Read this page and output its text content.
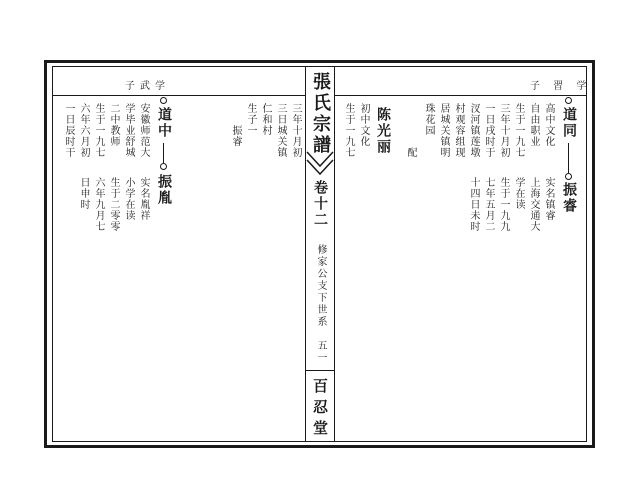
子武学	子 習 学
張氏宗譜
卷十二
修家公支下世系　五一
百忍堂
三年十月初
三日城关镇
仁和村
生子一
振睿
道中
振胤
安徽师范大
学毕业舒城
二中教师
生于一九七
六年六月初
一日辰时干
实名胤祥
小学在读
生于二零零
六年九月七
日申时
道同
振睿
高中文化
自由职业
生于一九七
三年十月初
一日戌时于
汊河镇莲墩
村观容组现
居城关镇明
珠花园
实名镇睿
上海交通大
学在读
生于一九九
七年五月二
十四日未时
配
陈光丽
初中文化
生于一九七
